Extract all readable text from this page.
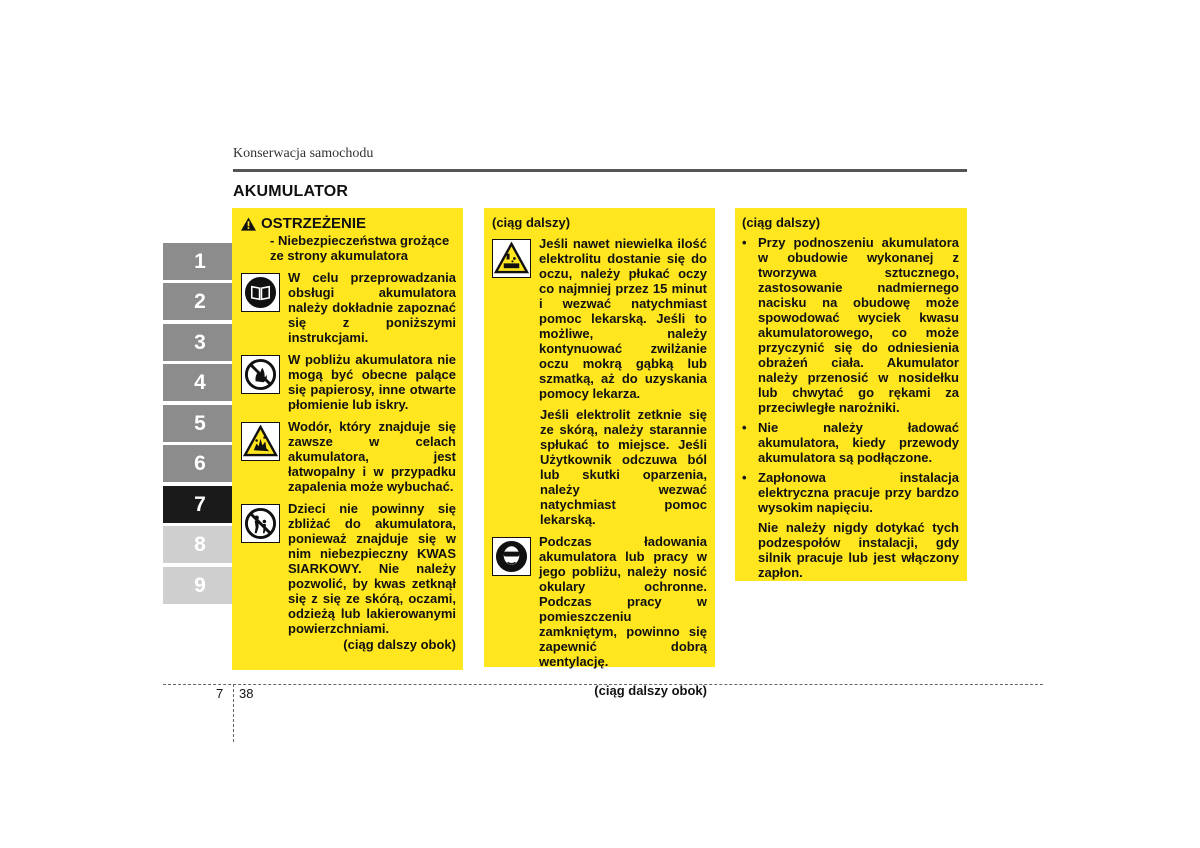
Konserwacja samochodu
AKUMULATOR
1
2
3
4
5
6
7
8
9
OSTRZEŻENIE
- Niebezpieczeństwa grożące ze strony akumulatora
W celu przeprowadzania obsługi akumulatora należy dokładnie zapoznać się z poniższymi instrukcjami.
W pobliżu akumulatora nie mogą być obecne palące się papierosy, inne otwarte płomienie lub iskry.
Wodór, który znajduje się zawsze w celach akumulatora, jest łatwopalny i w przypadku zapalenia może wybuchać.
Dzieci nie powinny się zbliżać do akumulatora, ponieważ znajduje się w nim niebezpieczny KWAS SIARKOWY. Nie należy pozwolić, by kwas zetknął się z się ze skórą, oczami, odzieżą lub lakierowanymi powierzchniami.
(ciąg dalszy obok)
(ciąg dalszy)
Jeśli nawet niewielka ilość elektrolitu dostanie się do oczu, należy płukać oczy co najmniej przez 15 minut i wezwać natychmiast pomoc lekarską. Jeśli to możliwe, należy kontynuować zwilżanie oczu mokrą gąbką lub szmatką, aż do uzyskania pomocy lekarza.
Jeśli elektrolit zetknie się ze skórą, należy starannie spłukać to miejsce. Jeśli Użytkownik odczuwa ból lub skutki oparzenia, należy wezwać natychmiast pomoc lekarską.
Podczas ładowania akumulatora lub pracy w jego pobliżu, należy nosić okulary ochronne. Podczas pracy w pomieszczeniu zamkniętym, powinno się zapewnić dobrą wentylację.
(ciąg dalszy obok)
(ciąg dalszy)
• Przy podnoszeniu akumulatora w obudowie wykonanej z tworzywa sztucznego, zastosowanie nadmiernego nacisku na obudowę może spowodować wyciek kwasu akumulatorowego, co może przyczynić się do odniesienia obrażeń ciała. Akumulator należy przenosić w nosidełku lub chwytać go rękami za przeciwległe narożniki.
• Nie należy ładować akumulatora, kiedy przewody akumulatora są podłączone.
• Zapłonowa instalacja elektryczna pracuje przy bardzo wysokim napięciu.
Nie należy nigdy dotykać tych podzespołów instalacji, gdy silnik pracuje lub jest włączony zapłon.
7 38
